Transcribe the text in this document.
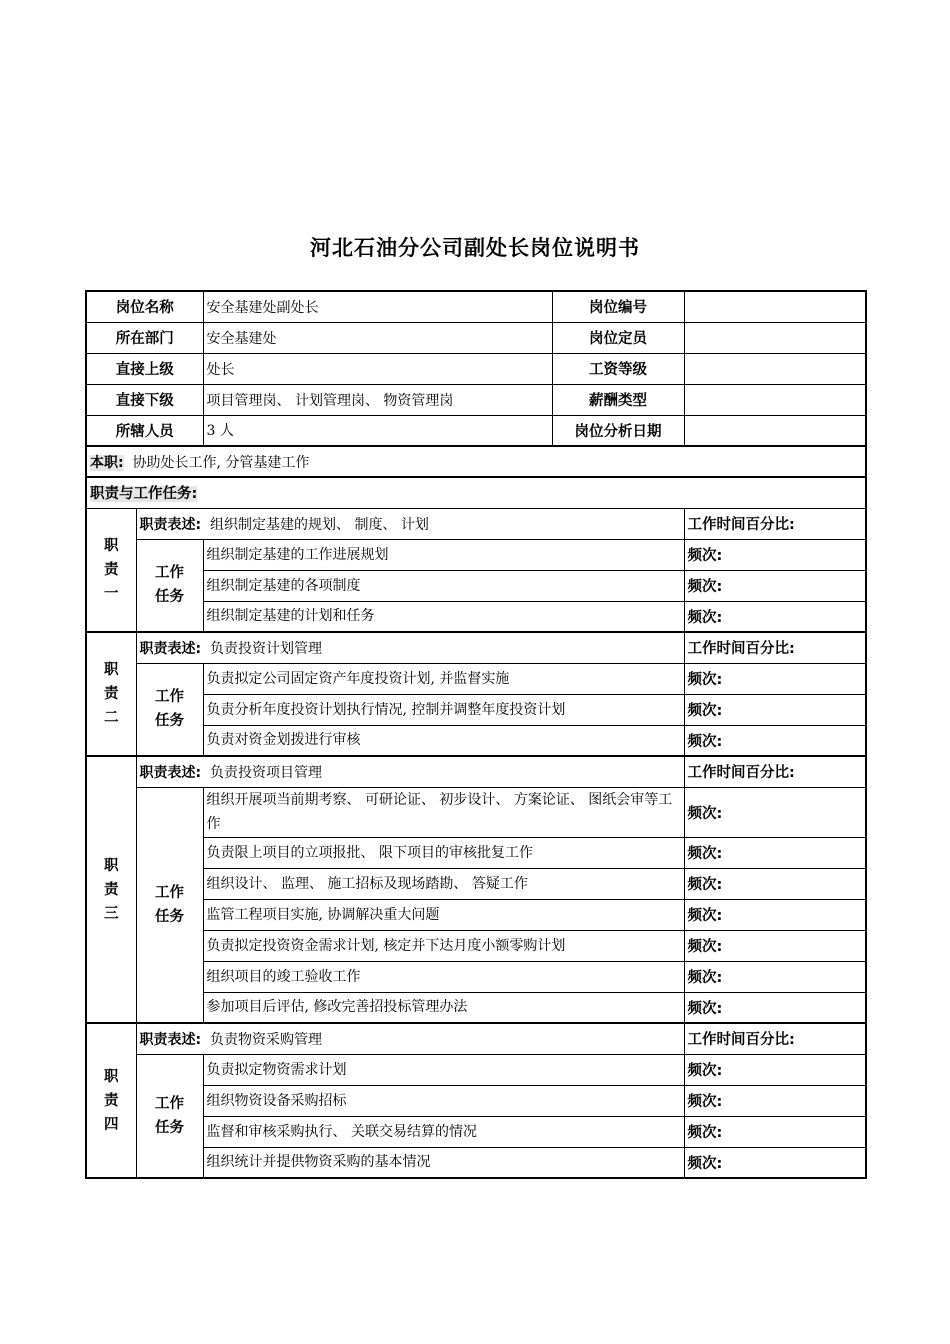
河北石油分公司副处长岗位说明书
岗位名称		安全基建处副处长	岗位编号	
所在部门		安全基建处	岗位定员	
直接上级		处长	工资等级	
直接下级		项目管理岗、 计划管理岗、 物资管理岗	薪酬类型	
所辖人员		3 人	岗位分析日期	
本职: 协助处长工作, 分管基建工作				
职责与工作任务:				
职责一	职责表述: 组织制定基建的规划、 制度、 计划			工作时间百分比:
	工作任务	组织制定基建的工作进展规划		频次:
		组织制定基建的各项制度		频次:
		组织制定基建的计划和任务		频次:
职责二	职责表述: 负责投资计划管理			工作时间百分比:
	工作任务	负责拟定公司固定资产年度投资计划, 并监督实施		频次:
		负责分析年度投资计划执行情况, 控制并调整年度投资计划		频次:
		负责对资金划拨进行审核		频次:
职责三	职责表述: 负责投资项目管理			工作时间百分比:
	工作任务	组织开展项当前期考察、 可研论证、 初步设计、 方案论证、 图纸会审等工作		频次:
		负责限上项目的立项报批、 限下项目的审核批复工作		频次:
		组织设计、 监理、 施工招标及现场踏勘、 答疑工作		频次:
		监管工程项目实施, 协调解决重大问题		频次:
		负责拟定投资资金需求计划, 核定并下达月度小额零购计划		频次:
		组织项目的竣工验收工作		频次:
		参加项目后评估, 修改完善招投标管理办法		频次:
职责四	职责表述: 负责物资采购管理			工作时间百分比:
	工作任务	负责拟定物资需求计划		频次:
		组织物资设备采购招标		频次:
		监督和审核采购执行、 关联交易结算的情况		频次:
		组织统计并提供物资采购的基本情况		频次:
